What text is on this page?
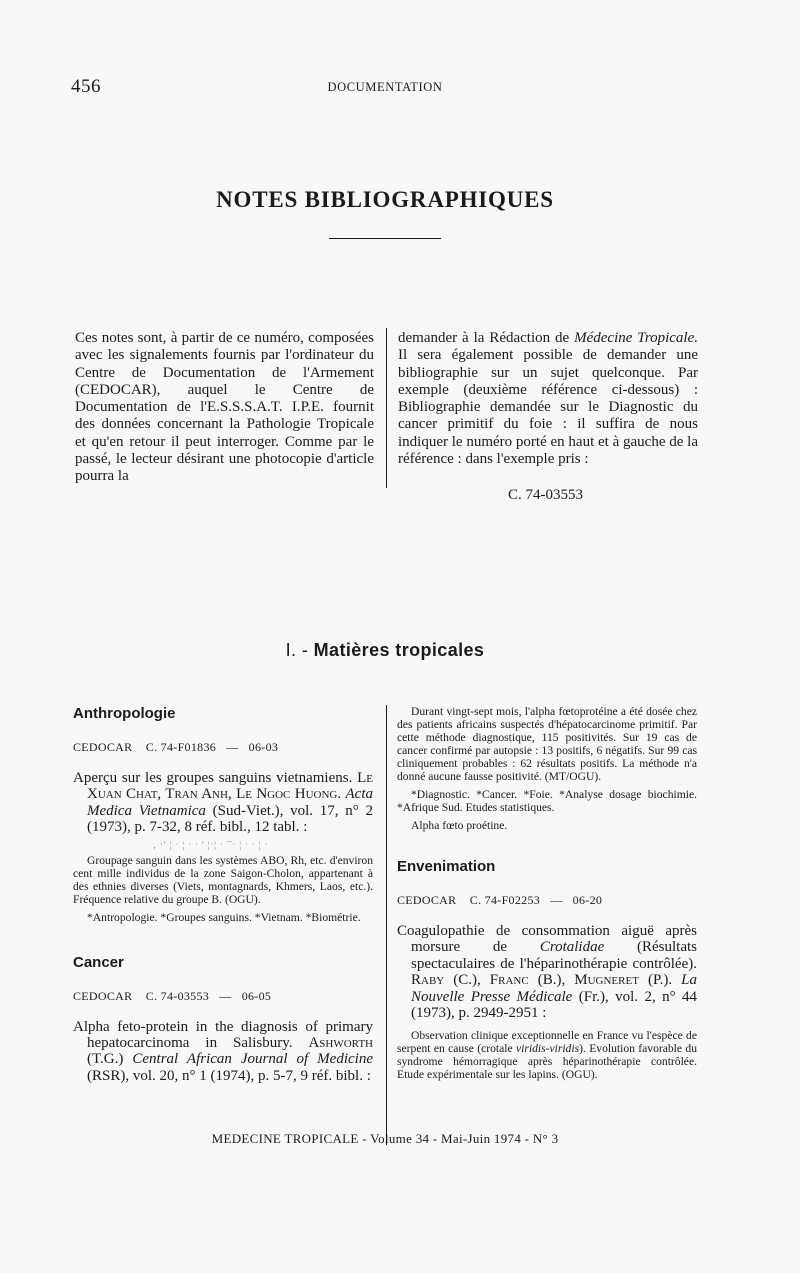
456	DOCUMENTATION
NOTES BIBLIOGRAPHIQUES
Ces notes sont, à partir de ce numéro, composées avec les signalements fournis par l'ordinateur du Centre de Documentation de l'Armement (CEDOCAR), auquel le Centre de Documentation de l'E.S.S.S.A.T. I.P.E. fournit des données concernant la Pathologie Tropicale et qu'en retour il peut interroger. Comme par le passé, le lecteur désirant une photocopie d'article pourra la
demander à la Rédaction de Médecine Tropicale. Il sera également possible de demander une bibliographie sur un sujet quelconque. Par exemple (deuxième référence ci-dessous) : Bibliographie demandée sur le Diagnostic du cancer primitif du foie : il suffira de nous indiquer le numéro porté en haut et à gauche de la référence : dans l'exemple pris :
C. 74-03553
I. - Matières tropicales
Anthropologie
CEDOCAR C. 74-F01836 — 06-03
Aperçu sur les groupes sanguins vietnamiens. Le Xuan Chat, Tran Anh, Le Ngoc Huong. Acta Medica Vietnamica (Sud-Viet.), vol. 17, n° 2 (1973), p. 7-32, 8 réf. bibl., 12 tabl. :
‚ ˑ' ¦ ˑ ¦ ˑ ˑ ' ¦ˑ¦ ˑ ¯ˑ ¦ ˑ ˑ ¦ ˑ

Groupage sanguin dans les systèmes ABO, Rh, etc. d'environ cent mille individus de la zone Saigon-Cholon, appartenant à des ethnies diverses (Viets, montagnards, Khmers, Laos, etc.). Fréquence relative du groupe B. (OGU).

*Antropologie. *Groupes sanguins. *Vietnam. *Biométrie.

Cancer
CEDOCAR C. 74-03553 — 06-05
Alpha feto-protein in the diagnosis of primary hepatocarcinoma in Salisbury. Ashworth (T.G.) Central African Journal of Medicine (RSR), vol. 20, n° 1 (1974), p. 5-7, 9 réf. bibl. :

Durant vingt-sept mois, l'alpha fœtoprotéine a été dosée chez des patients africains suspectés d'hépatocarcinome primitif. Par cette méthode diagnostique, 115 positivités. Sur 19 cas de cancer confirmé par autopsie : 13 positifs, 6 négatifs. Sur 99 cas cliniquement probables : 62 résultats positifs. La méthode n'a donné aucune fausse positivité. (MT/OGU).

*Diagnostic. *Cancer. *Foie. *Analyse dosage biochimie. *Afrique Sud. Etudes statistiques.

Alpha fœto proétine.

Envenimation
CEDOCAR C. 74-F02253 — 06-20
Coagulopathie de consommation aiguë après morsure de Crotalidae (Résultats spectaculaires de l'héparinothérapie contrôlée). Raby (C.), Franc (B.), Mugneret (P.). La Nouvelle Presse Médicale (Fr.), vol. 2, n° 44 (1973), p. 2949-2951 :

Observation clinique exceptionnelle en France vu l'espèce de serpent en cause (crotale viridis-viridis). Evolution favorable du syndrome hémorragique après héparinothérapie contrôlée. Etude expérimentale sur les lapins. (OGU).

MEDECINE TROPICALE - Volume 34 - Mai-Juin 1974 - N° 3
